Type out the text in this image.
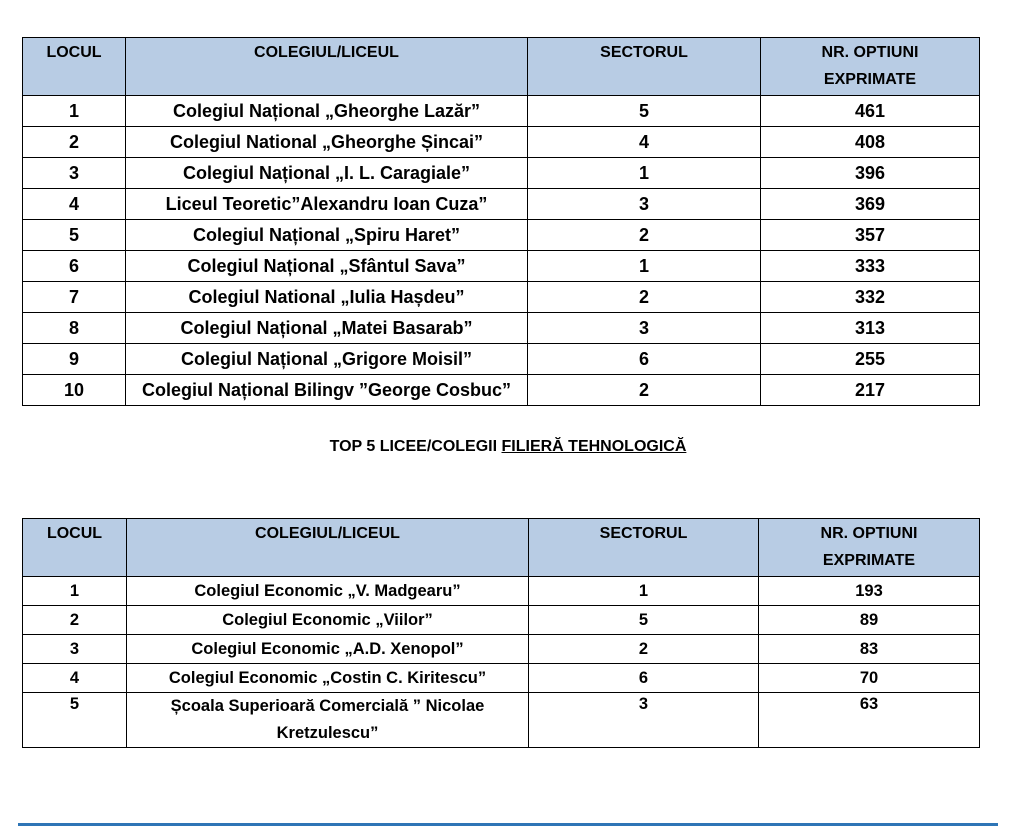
LOCUL	COLEGIUL/LICEUL	SECTORUL	NR. OPTIUNI
EXPRIMATE
1	Colegiul Național „Gheorghe Lazăr”	5	461
2	Colegiul National „Gheorghe Șincai”	4	408
3	Colegiul Național „I. L. Caragiale”	1	396
4	Liceul Teoretic”Alexandru Ioan Cuza”	3	369
5	Colegiul Național „Spiru Haret”	2	357
6	Colegiul Național „Sfântul Sava”	1	333
7	Colegiul National „Iulia Hașdeu”	2	332
8	Colegiul Național „Matei Basarab”	3	313
9	Colegiul Național „Grigore Moisil”	6	255
10	Colegiul Național Bilingv ”George Cosbuc”	2	217
TOP 5 LICEE/COLEGII FILIERĂ TEHNOLOGICĂ
LOCUL	COLEGIUL/LICEUL	SECTORUL	NR. OPTIUNI
EXPRIMATE
1	Colegiul Economic „V. Madgearu”	1	193
2	Colegiul Economic „Viilor”	5	89
3	Colegiul Economic „A.D. Xenopol”	2	83
4	Colegiul Economic „Costin C. Kiritescu”	6	70
5	Școala Superioară Comercială ” Nicolae
Kretzulescu”	3	63
